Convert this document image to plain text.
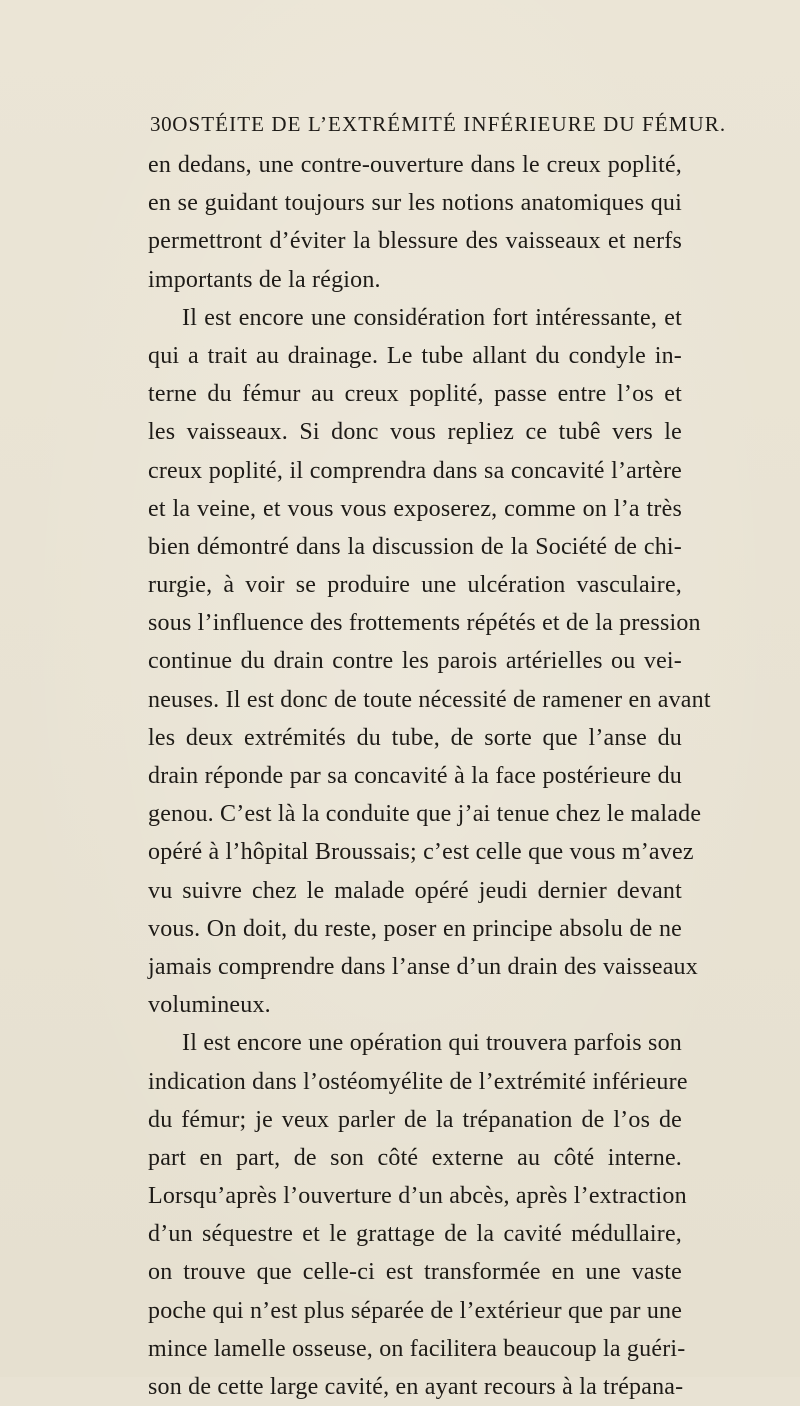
30 OSTÉITE DE L’EXTRÉMITÉ INFÉRIEURE DU FÉMUR.
en dedans, une contre-ouverture dans le creux poplité,
en se guidant toujours sur les notions anatomiques qui
permettront d’éviter la blessure des vaisseaux et nerfs
importants de la région.
Il est encore une considération fort intéressante, et
qui a trait au drainage. Le tube allant du condyle in-
terne du fémur au creux poplité, passe entre l’os et
les vaisseaux. Si donc vous repliez ce tubê vers le
creux poplité, il comprendra dans sa concavité l’artère
et la veine, et vous vous exposerez, comme on l’a très
bien démontré dans la discussion de la Société de chi-
rurgie, à voir se produire une ulcération vasculaire,
sous l’influence des frottements répétés et de la pression
continue du drain contre les parois artérielles ou vei-
neuses. Il est donc de toute nécessité de ramener en avant
les deux extrémités du tube, de sorte que l’anse du
drain réponde par sa concavité à la face postérieure du
genou. C’est là la conduite que j’ai tenue chez le malade
opéré à l’hôpital Broussais; c’est celle que vous m’avez
vu suivre chez le malade opéré jeudi dernier devant
vous. On doit, du reste, poser en principe absolu de ne
jamais comprendre dans l’anse d’un drain des vaisseaux
volumineux.
Il est encore une opération qui trouvera parfois son
indication dans l’ostéomyélite de l’extrémité inférieure
du fémur; je veux parler de la trépanation de l’os de
part en part, de son côté externe au côté interne.
Lorsqu’après l’ouverture d’un abcès, après l’extraction
d’un séquestre et le grattage de la cavité médullaire,
on trouve que celle-ci est transformée en une vaste
poche qui n’est plus séparée de l’extérieur que par une
mince lamelle osseuse, on facilitera beaucoup la guéri-
son de cette large cavité, en ayant recours à la trépana-
